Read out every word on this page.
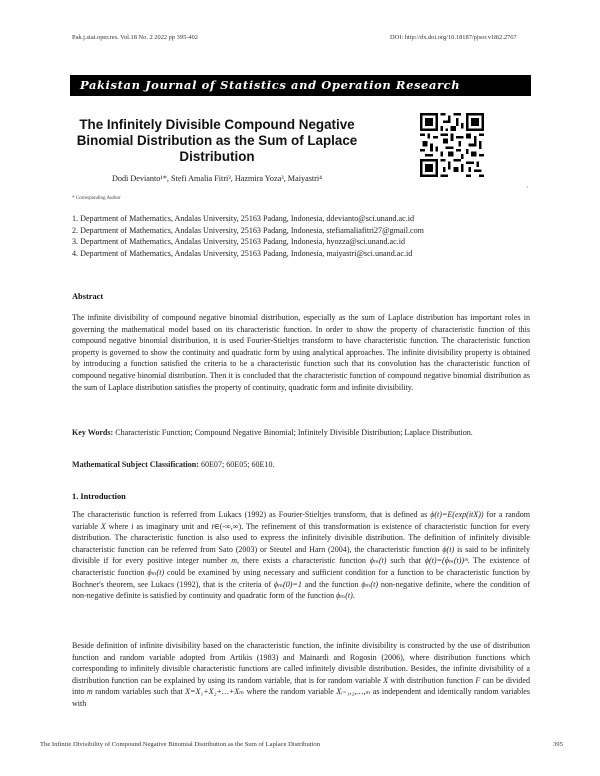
Pak.j.stat.oper.res. Vol.18 No. 2 2022 pp 395-402	DOI: http://dx.doi.org/10.18187/pjsor.v18i2.2767
Pakistan Journal of Statistics and Operation Research
The Infinitely Divisible Compound Negative Binomial Distribution as the Sum of Laplace Distribution
Dodi Devianto¹*, Stefi Amalia Fitri², Hazmira Yoza³, Maiyastri⁴
* Corresponding Author
·
1. Department of Mathematics, Andalas University, 25163 Padang, Indonesia, ddevianto@sci.unand.ac.id
2. Department of Mathematics, Andalas University, 25163 Padang, Indonesia, stefiamaliafitri27@gmail.com
3. Department of Mathematics, Andalas University, 25163 Padang, Indonesia, hyozza@sci.unand.ac.id
4. Department of Mathematics, Andalas University, 25163 Padang, Indonesia, maiyastri@sci.unand.ac.id
Abstract
The infinite divisibility of compound negative binomial distribution, especially as the sum of Laplace distribution has important roles in governing the mathematical model based on its characteristic function. In order to show the property of characteristic function of this compound negative binomial distribution, it is used Fourier-Stieltjes transform to have characteristic function. The characteristic function property is governed to show the continuity and quadratic form by using analytical approaches. The infinite divisibility property is obtained by introducing a function satisfied the criteria to be a characteristic function such that its convolution has the characteristic function of compound negative binomial distribution. Then it is concluded that the characteristic function of compound negative binomial distribution as the sum of Laplace distribution satisfies the property of continuity, quadratic form and infinite divisibility.
Key Words: Characteristic Function; Compound Negative Binomial; Infinitely Divisible Distribution; Laplace Distribution.
Mathematical Subject Classification: 60E07; 60E05; 60E10.
1. Introduction
The characteristic function is referred from Lukacs (1992) as Fourier-Stieltjes transform, that is defined as ϕ(t)=E(exp(itX)) for a random variable X where i as imaginary unit and t∈(-∞,∞). The refinement of this transformation is existence of characteristic function for every distribution. The characteristic function is also used to express the infinitely divisible distribution. The definition of infinitely divisible characteristic function can be referred from Sato (2003) or Steutel and Harn (2004), the characteristic function ϕ(t) is said to be infinitely divisible if for every positive integer number m, there exists a characteristic function ϕₘ(t) such that ϕ(t)=(ϕₘ(t))ᵐ. The existence of characteristic function ϕₘ(t) could be examined by using necessary and sufficient condition for a function to be characteristic function by Bochner's theorem, see Lukacs (1992), that is the criteria of ϕₘ(0)=1 and the function ϕₘ(t) non-negative definite, where the condition of non-negative definite is satisfied by continuity and quadratic form of the function ϕₘ(t).
Beside definition of infinite divisibility based on the characteristic function, the infinite divisibility is constructed by the use of distribution function and random variable adopted from Artikis (1983) and Mainardi and Rogosin (2006), where distribution functions which corresponding to infinitely divisible characteristic functions are called infinitely divisible distribution. Besides, the infinite divisibility of a distribution function can be explained by using its random variable, that is for random variable X with distribution function F can be divided into m random variables such that X=X₁+X₂+…+Xₘ where the random variable Xᵢ₌₁,₂,…,ₘ as independent and identically random variables with
The Infinite Divisibility of Compound Negative Binomial Distribution as the Sum of Laplace Distribution	395
